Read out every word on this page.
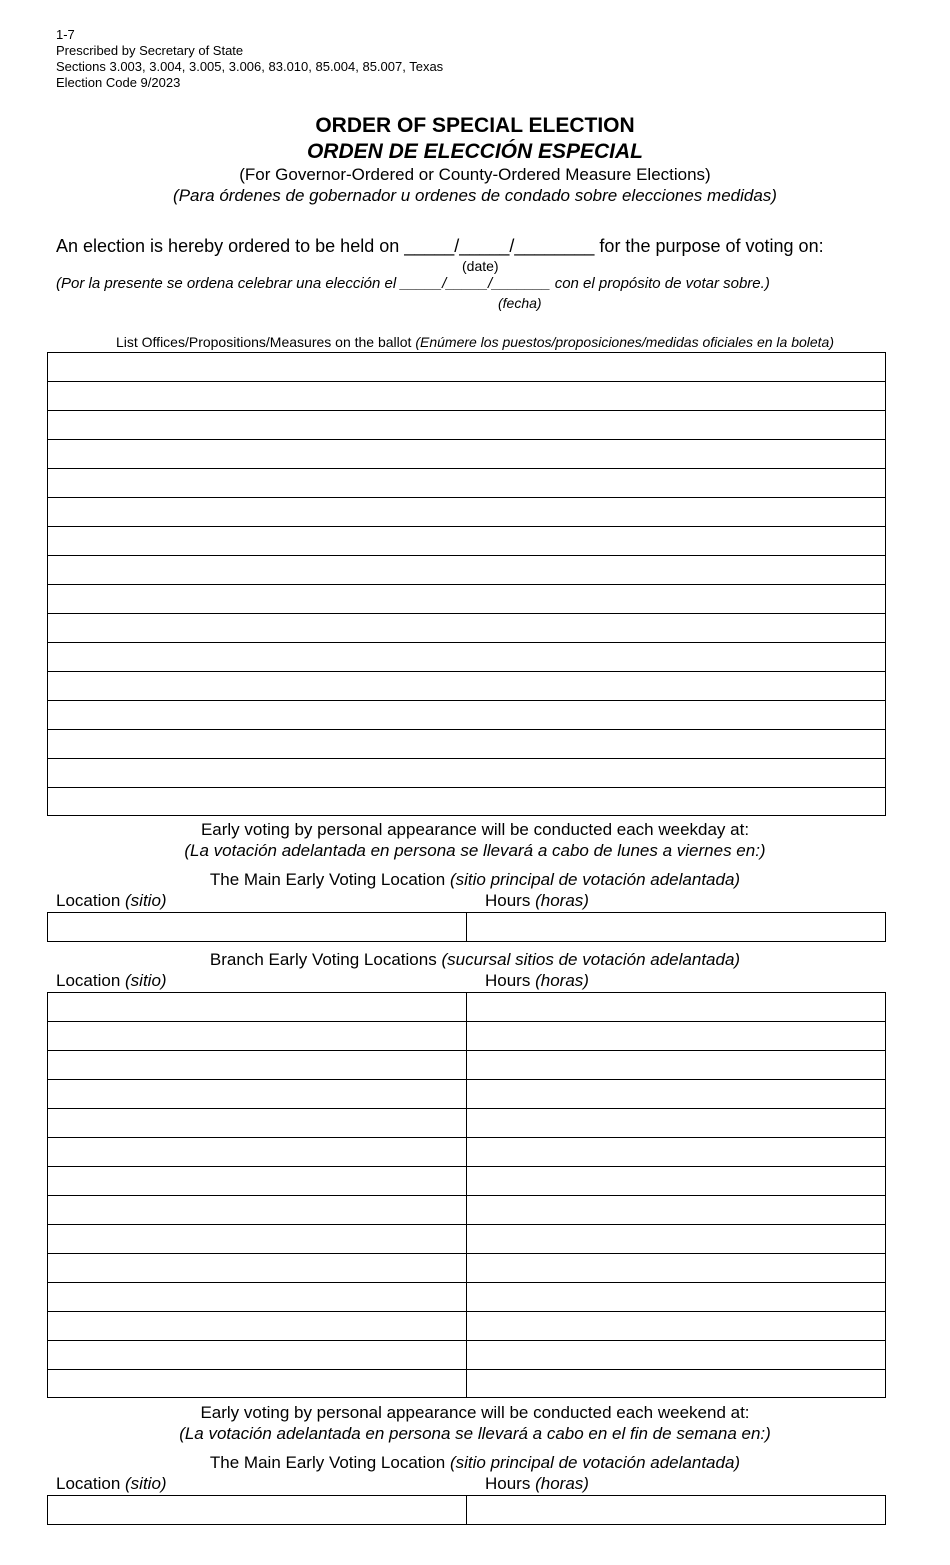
1-7
Prescribed by Secretary of State
Sections 3.003, 3.004, 3.005, 3.006, 83.010, 85.004, 85.007, Texas
Election Code 9/2023
ORDER OF SPECIAL ELECTION
ORDEN DE ELECCIÓN ESPECIAL
(For Governor-Ordered or County-Ordered Measure Elections)
(Para órdenes de gobernador u ordenes de condado sobre elecciones medidas)
An election is hereby ordered to be held on _____/_____/________ for the purpose of voting on:
(date)
(Por la presente se ordena celebrar una elección el _____/_____/_______ con el propósito de votar sobre.)
(fecha)
List Offices/Propositions/Measures on the ballot (Enúmere los puestos/proposiciones/medidas oficiales en la boleta)

Early voting by personal appearance will be conducted each weekday at:
(La votación adelantada en persona se llevará a cabo de lunes a viernes en:)
The Main Early Voting Location (sitio principal de votación adelantada)
Location (sitio)	Hours (horas)

Branch Early Voting Locations (sucursal sitios de votación adelantada)
Location (sitio)	Hours (horas)

Early voting by personal appearance will be conducted each weekend at:
(La votación adelantada en persona se llevará a cabo en el fin de semana en:)
The Main Early Voting Location (sitio principal de votación adelantada)
Location (sitio)	Hours (horas)
